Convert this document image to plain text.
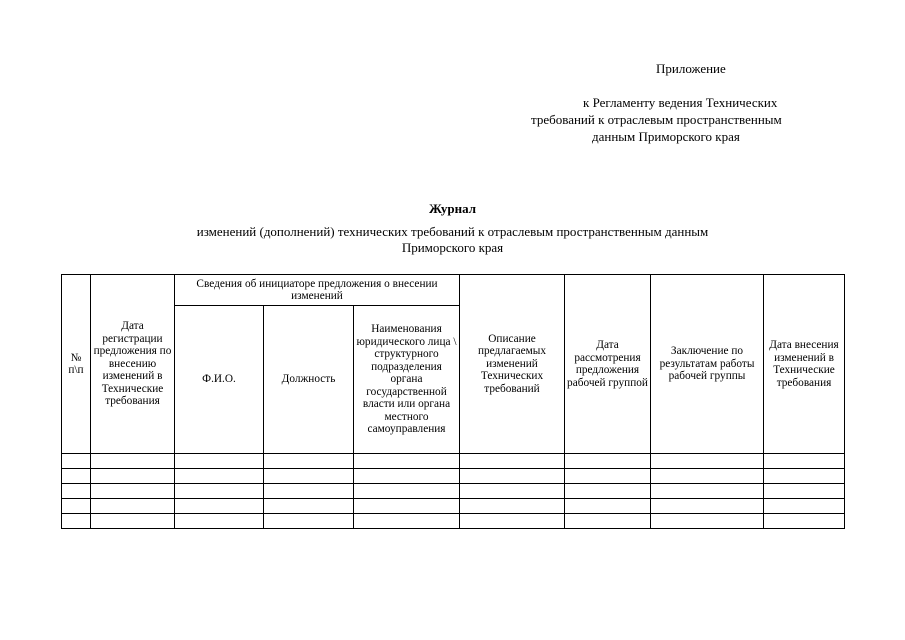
Приложение
к Регламенту ведения Технических
требований к отраслевым пространственным
данным Приморского края
Журнал
изменений (дополнений) технических требований к отраслевым пространственным данным
Приморского края
№ п\п	Дата регистрации предложения по внесению изменений в Технические требования	Сведения об инициаторе предложения о внесении изменений			Описание предлагаемых изменений Технических требований	Дата рассмотрения предложения рабочей группой	Заключение по результатам работы рабочей группы	Дата внесения изменений в Технические требования
		Ф.И.О.	Должность	Наименования юридического лица \ структурного подразделения органа государственной власти или органа местного самоуправления				
